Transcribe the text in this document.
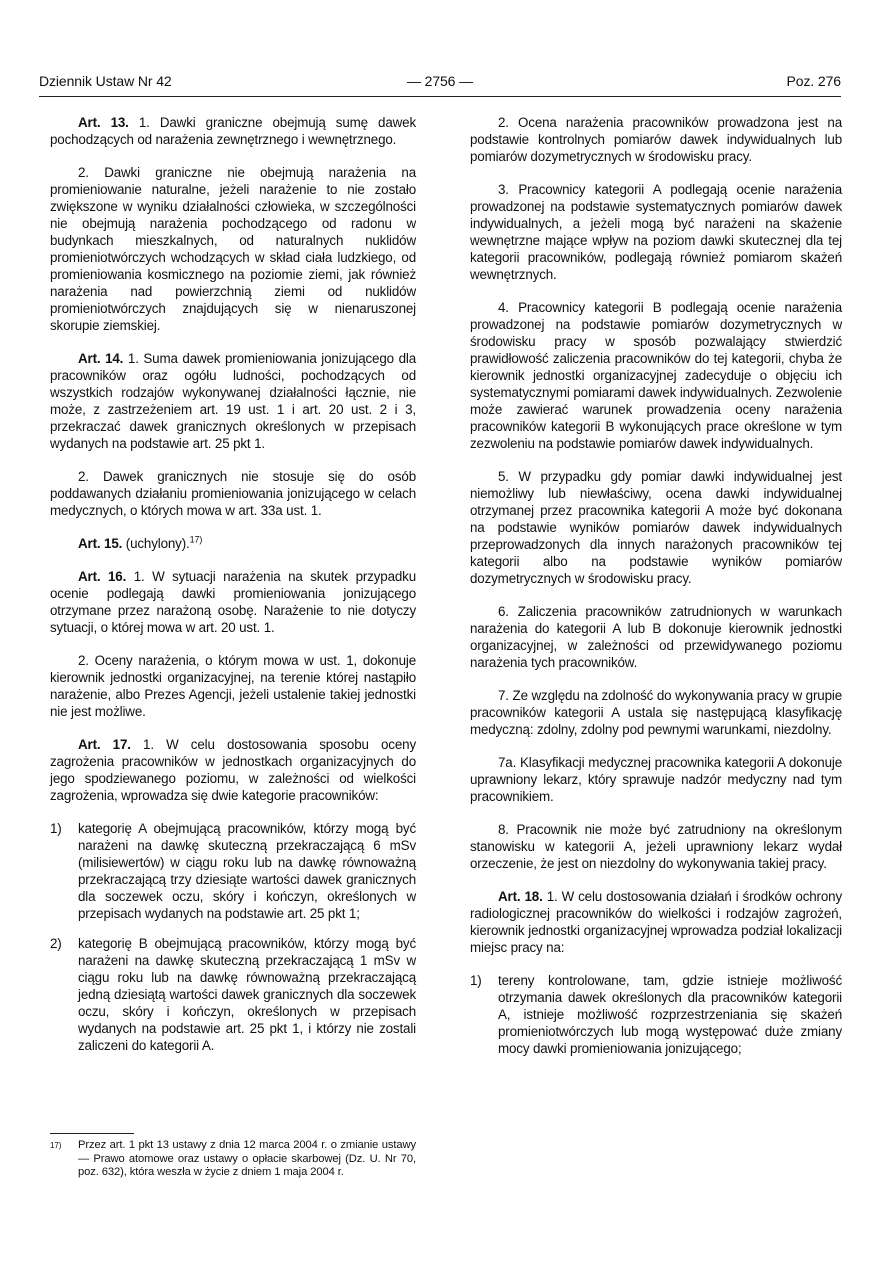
Dziennik Ustaw Nr 42	— 2756 —	Poz. 276

Art. 13. 1. Dawki graniczne obejmują sumę dawek pochodzących od narażenia zewnętrznego i wewnętrznego.

2. Dawki graniczne nie obejmują narażenia na promieniowanie naturalne, jeżeli narażenie to nie zostało zwiększone w wyniku działalności człowieka, w szczególności nie obejmują narażenia pochodzącego od radonu w budynkach mieszkalnych, od naturalnych nuklidów promieniotwórczych wchodzących w skład ciała ludzkiego, od promieniowania kosmicznego na poziomie ziemi, jak również narażenia nad powierzchnią ziemi od nuklidów promieniotwórczych znajdujących się w nienaruszonej skorupie ziemskiej.

Art. 14. 1. Suma dawek promieniowania jonizującego dla pracowników oraz ogółu ludności, pochodzących od wszystkich rodzajów wykonywanej działalności łącznie, nie może, z zastrzeżeniem art. 19 ust. 1 i art. 20 ust. 2 i 3, przekraczać dawek granicznych określonych w przepisach wydanych na podstawie art. 25 pkt 1.

2. Dawek granicznych nie stosuje się do osób poddawanych działaniu promieniowania jonizującego w celach medycznych, o których mowa w art. 33a ust. 1.

Art. 15. (uchylony).$^{17)}$

Art. 16. 1. W sytuacji narażenia na skutek przypadku ocenie podlegają dawki promieniowania jonizującego otrzymane przez narażoną osobę. Narażenie to nie dotyczy sytuacji, o której mowa w art. 20 ust. 1.

2. Oceny narażenia, o którym mowa w ust. 1, dokonuje kierownik jednostki organizacyjnej, na terenie której nastąpiło narażenie, albo Prezes Agencji, jeżeli ustalenie takiej jednostki nie jest możliwe.

Art. 17. 1. W celu dostosowania sposobu oceny zagrożenia pracowników w jednostkach organizacyjnych do jego spodziewanego poziomu, w zależności od wielkości zagrożenia, wprowadza się dwie kategorie pracowników:

1) kategorię A obejmującą pracowników, którzy mogą być narażeni na dawkę skuteczną przekraczającą 6 mSv (milisiewertów) w ciągu roku lub na dawkę równoważną przekraczającą trzy dziesiąte wartości dawek granicznych dla soczewek oczu, skóry i kończyn, określonych w przepisach wydanych na podstawie art. 25 pkt 1;
2) kategorię B obejmującą pracowników, którzy mogą być narażeni na dawkę skuteczną przekraczającą 1 mSv w ciągu roku lub na dawkę równoważną przekraczającą jedną dziesiątą wartości dawek granicznych dla soczewek oczu, skóry i kończyn, określonych w przepisach wydanych na podstawie art. 25 pkt 1, i którzy nie zostali zaliczeni do kategorii A.
17)	Przez art. 1 pkt 13 ustawy z dnia 12 marca 2004 r. o zmianie ustawy — Prawo atomowe oraz ustawy o opłacie skarbowej (Dz. U. Nr 70, poz. 632), która weszła w życie z dniem 1 maja 2004 r.

2. Ocena narażenia pracowników prowadzona jest na podstawie kontrolnych pomiarów dawek indywidualnych lub pomiarów dozymetrycznych w środowisku pracy.

3. Pracownicy kategorii A podlegają ocenie narażenia prowadzonej na podstawie systematycznych pomiarów dawek indywidualnych, a jeżeli mogą być narażeni na skażenie wewnętrzne mające wpływ na poziom dawki skutecznej dla tej kategorii pracowników, podlegają również pomiarom skażeń wewnętrznych.

4. Pracownicy kategorii B podlegają ocenie narażenia prowadzonej na podstawie pomiarów dozymetrycznych w środowisku pracy w sposób pozwalający stwierdzić prawidłowość zaliczenia pracowników do tej kategorii, chyba że kierownik jednostki organizacyjnej zadecyduje o objęciu ich systematycznymi pomiarami dawek indywidualnych. Zezwolenie może zawierać warunek prowadzenia oceny narażenia pracowników kategorii B wykonujących prace określone w tym zezwoleniu na podstawie pomiarów dawek indywidualnych.

5. W przypadku gdy pomiar dawki indywidualnej jest niemożliwy lub niewłaściwy, ocena dawki indywidualnej otrzymanej przez pracownika kategorii A może być dokonana na podstawie wyników pomiarów dawek indywidualnych przeprowadzonych dla innych narażonych pracowników tej kategorii albo na podstawie wyników pomiarów dozymetrycznych w środowisku pracy.

6. Zaliczenia pracowników zatrudnionych w warunkach narażenia do kategorii A lub B dokonuje kierownik jednostki organizacyjnej, w zależności od przewidywanego poziomu narażenia tych pracowników.

7. Ze względu na zdolność do wykonywania pracy w grupie pracowników kategorii A ustala się następującą klasyfikację medyczną: zdolny, zdolny pod pewnymi warunkami, niezdolny.

7a. Klasyfikacji medycznej pracownika kategorii A dokonuje uprawniony lekarz, który sprawuje nadzór medyczny nad tym pracownikiem.

8. Pracownik nie może być zatrudniony na określonym stanowisku w kategorii A, jeżeli uprawniony lekarz wydał orzeczenie, że jest on niezdolny do wykonywania takiej pracy.

Art. 18. 1. W celu dostosowania działań i środków ochrony radiologicznej pracowników do wielkości i rodzajów zagrożeń, kierownik jednostki organizacyjnej wprowadza podział lokalizacji miejsc pracy na:

1) tereny kontrolowane, tam, gdzie istnieje możliwość otrzymania dawek określonych dla pracowników kategorii A, istnieje możliwość rozprzestrzeniania się skażeń promieniotwórczych lub mogą występować duże zmiany mocy dawki promieniowania jonizującego;
